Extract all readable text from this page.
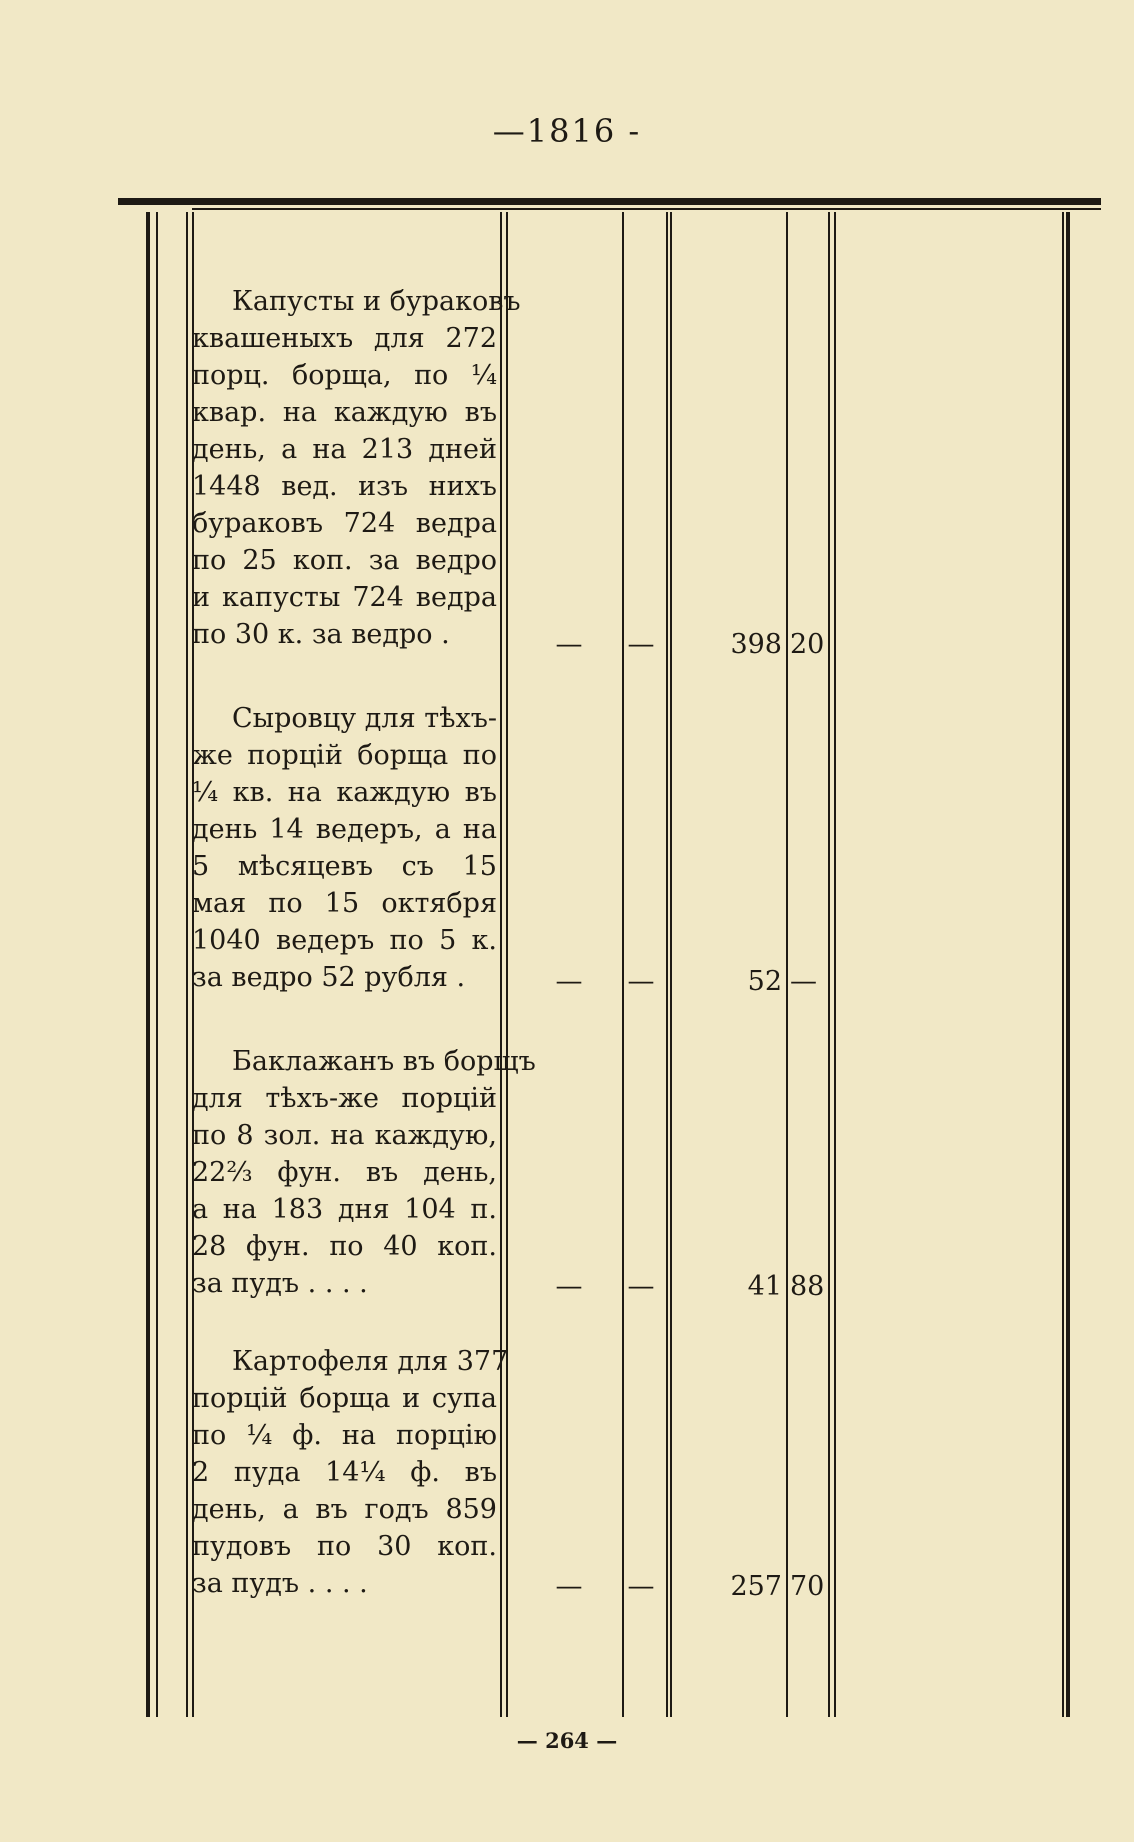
—1816 -
Капусты и бураковъ
квашеныхъ для 272
порц. борща, по ¼
квар. на каждую въ
день, а на 213 дней
1448 вед. изъ нихъ
бураковъ 724 ведра
по 25 коп. за ведро
и капусты 724 ведра
по 30 к. за ведро .	—	—	398 20
Сыровцу для тѣхъ-
же порцій борща по
¼ кв. на каждую въ
день 14 ведеръ, а на
5 мѣсяцевъ съ 15
мая по 15 октября
1040 ведеръ по 5 к.
за ведро 52 рубля .	—	—	52 —
Баклажанъ въ борщъ
для тѣхъ-же порцій
по 8 зол. на каждую,
22⅔ фун. въ день,
а на 183 дня 104 п.
28 фун. по 40 коп.
за пудъ . . . .	—	—	41 88
Картофеля для 377
порцій борща и супа
по ¼ ф. на порцію
2 пуда 14¼ ф. въ
день, а въ годъ 859
пудовъ по 30 коп.
за пудъ . . . .	—	—	257 70
— 264 —
